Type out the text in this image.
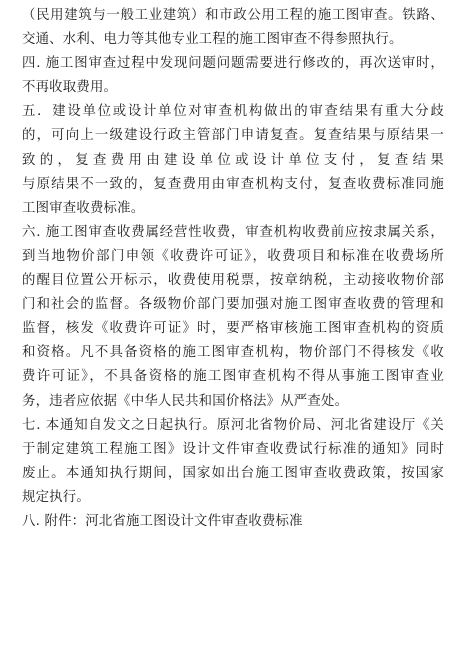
（民用建筑与一般工业建筑）和市政公用工程的施工图审查。铁路、
交通、水利、电力等其他专业工程的施工图审查不得参照执行。
四. 施工图审查过程中发现问题问题需要进行修改的，再次送审时，
不再收取费用。
五．建设单位或设计单位对审查机构做出的审查结果有重大分歧
的，可向上一级建设行政主管部门申请复查。复查结果与原结果一
致的，复查费用由建设单位或设计单位支付，复查结果
与原结果不一致的，复查费用由审查机构支付，复查收费标准同施
工图审查收费标准。
六. 施工图审查收费属经营性收费，审查机构收费前应按隶属关系，
到当地物价部门申领《收费许可证》，收费项目和标准在收费场所
的醒目位置公开标示，收费使用税票，按章纳税，主动接收物价部
门和社会的监督。各级物价部门要加强对施工图审查收费的管理和
监督，核发《收费许可证》时，要严格审核施工图审查机构的资质
和资格。凡不具备资格的施工图审查机构，物价部门不得核发《收
费许可证》，不具备资格的施工图审查机构不得从事施工图审查业
务，违者应依据《中华人民共和国价格法》从严查处。
七. 本通知自发文之日起执行。原河北省物价局、河北省建设厅《关
于制定建筑工程施工图》设计文件审查收费试行标准的通知》同时
废止。本通知执行期间，国家如出台施工图审查收费政策，按国家
规定执行。
八. 附件：河北省施工图设计文件审查收费标准
